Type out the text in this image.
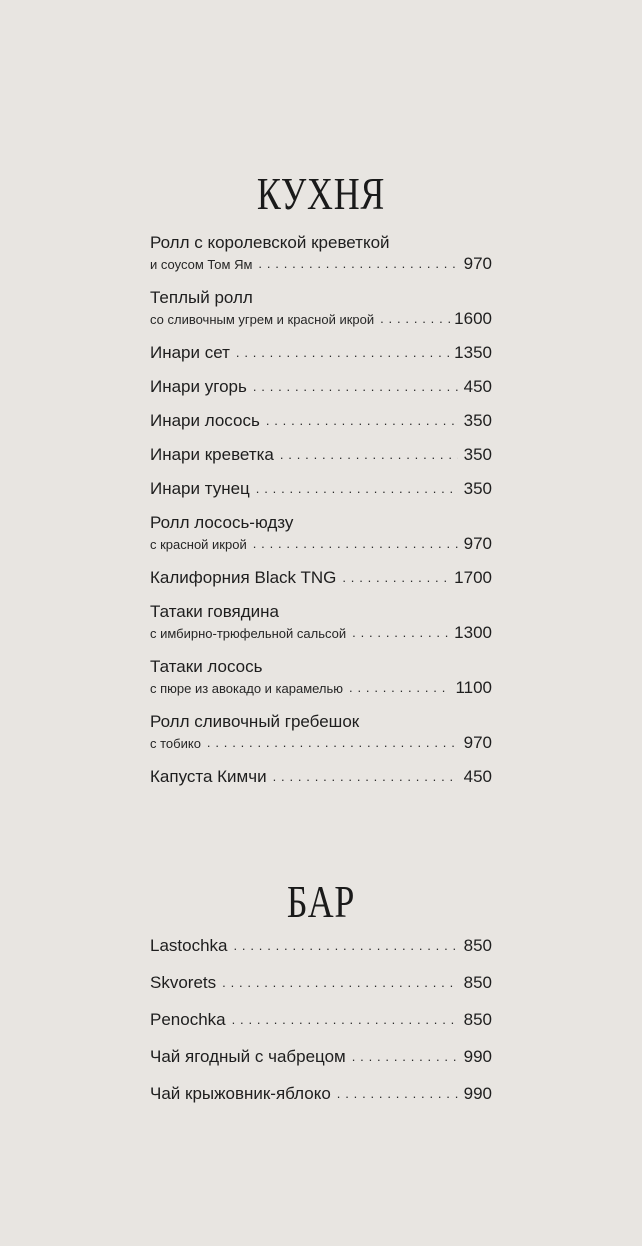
КУХНЯ
Ролл с королевской креветкой
и соусом Том Ям . . .	970
Теплый ролл
со сливочным угрем и красной икрой . . .	1600
Инари сет . . .	1350
Инари угорь . . .	450
Инари лосось . . .	350
Инари креветка . . .	350
Инари тунец . . .	350
Ролл лосось-юдзу
с красной икрой . . .	970
Калифорния Black TNG . . .	1700
Татаки говядина
с имбирно-трюфельной сальсой . . .	1300
Татаки лосось
с пюре из авокадо и карамелью . . .	1100
Ролл сливочный гребешок
с тобико . . .	970
Капуста Кимчи . . .	450
БАР
Lastochka . . .	850
Skvorets . . .	850
Penochka . . .	850
Чай ягодный с чабрецом . . .	990
Чай крыжовник-яблоко . . .	990
